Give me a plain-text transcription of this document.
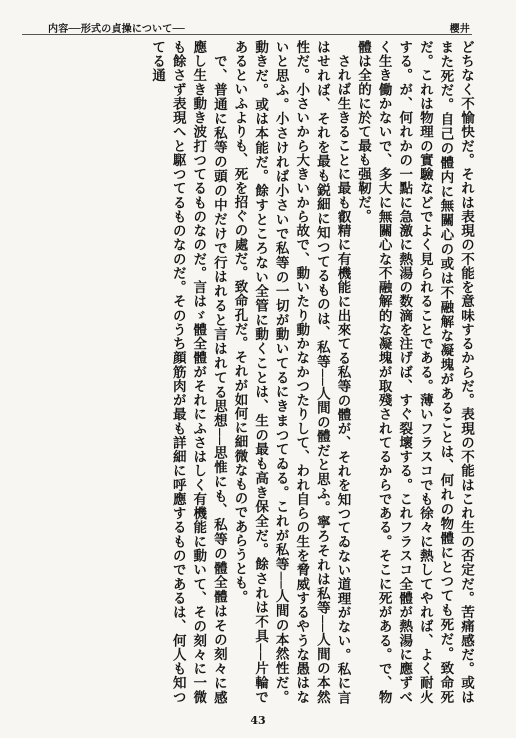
内容──形式の貞操について──	櫻井

どちなく不愉快だ。それは表現の不能を意味するからだ。表現の不能はこれ生の否定だ。苦痛感だ。或はまた死だ。自己の體内に無關心の或は不融解な凝塊があることは、何れの物體にとつても死だ。致命死だ。これは物理の實驗などでよく見られることである。薄いフラスコでも徐々に熱してやれば、よく耐火する。が、何れかの一點に急激に熱湯の数滴を注げば、すぐ裂壞する。これフラスコ全體が熱湯に應ずべく生き働かないで、多大に無關心な不融解的な凝塊が取殘されてるからである。そこに死がある。で、物體は全的に於て最も强靭だ。

されば生きることに最も叡精に有機能に出來てる私等の體が、それを知つてゐない道理がない。私に言はせれば、それを最も鋭細に知つてるものは、私等──人間の體だと思ふ。寧ろそれは私等──人間の本然性だ。小さいから大きいから故で、動いたり動かなかつたりして、われ自らの生を脅威するやうな愚はないと思ふ。小さければ小さいで私等の一切が動いてるにきまつてゐる。これが私等──人間の本然性だ。動きだ。或は本能だ。餘すところない全管に動くことは、生の最も高き保全だ。餘されは不具──片輪であるといふよりも、死を招ぐの處だ。致命孔だ。それが如何に細微なものであらうとも。

で、普通に私等の頭の中だけで行はれると言はれてる思想──思惟にも、私等の體全體はその刻々に感應し生き動き波打つてるものなのだ。言はゞ體全體がそれにふさはしく有機能に動いて、その刻々に一微も餘さず表現へと駆つてるものなのだ。そのうち顔筋肉が最も詳細に呼應するものであるは、何人も知つてる通

43
